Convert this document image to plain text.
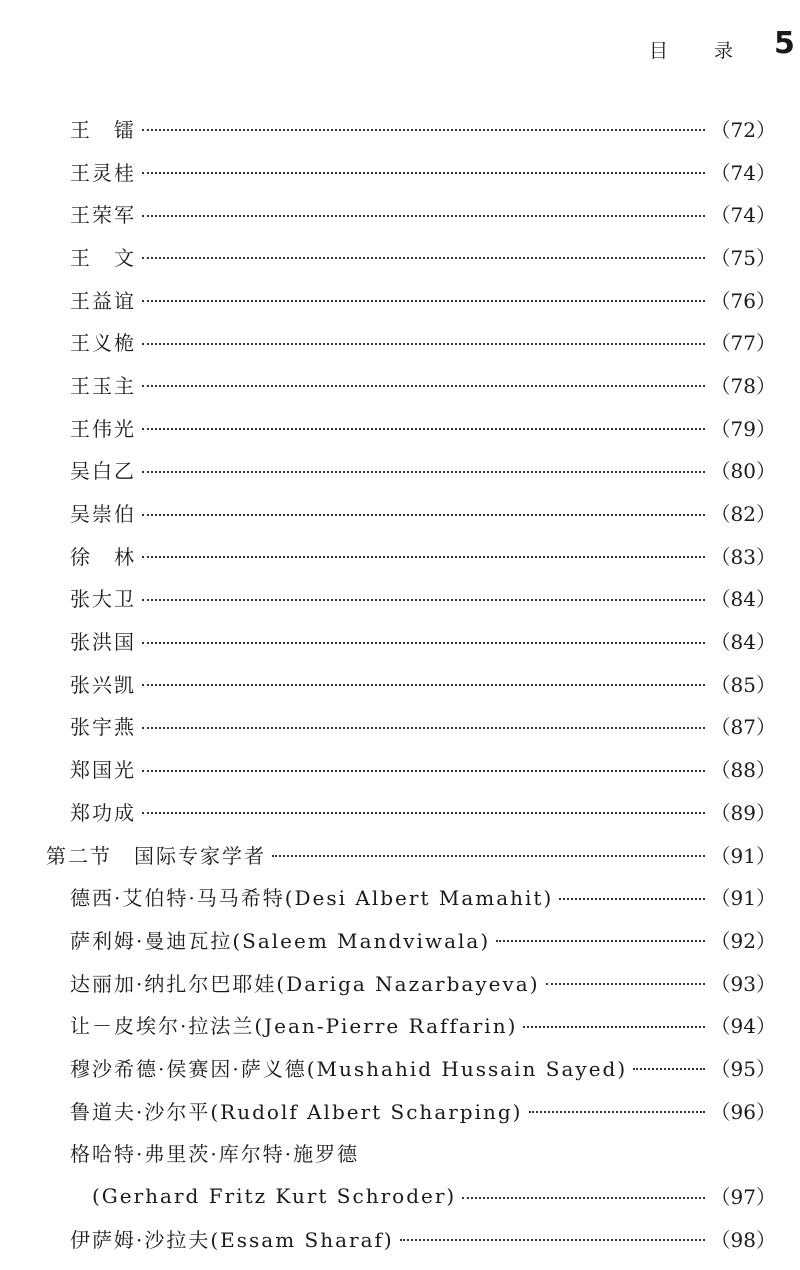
目 录 5
王　镭	（72）
王灵桂	（74）
王荣军	（74）
王　文	（75）
王益谊	（76）
王义桅	（77）
王玉主	（78）
王伟光	（79）
吴白乙	（80）
吴崇伯	（82）
徐　林	（83）
张大卫	（84）
张洪国	（84）
张兴凯	（85）
张宇燕	（87）
郑国光	（88）
郑功成	（89）
第二节　国际专家学者	（91）
德西·艾伯特·马马希特(Desi Albert Mamahit)	（91）
萨利姆·曼迪瓦拉(Saleem Mandviwala)	（92）
达丽加·纳扎尔巴耶娃(Dariga Nazarbayeva)	（93）
让－皮埃尔·拉法兰(Jean-Pierre Raffarin)	（94）
穆沙希德·侯赛因·萨义德(Mushahid Hussain Sayed)	（95）
鲁道夫·沙尔平(Rudolf Albert Scharping)	（96）
格哈特·弗里茨·库尔特·施罗德
(Gerhard Fritz Kurt Schroder)	（97）
伊萨姆·沙拉夫(Essam Sharaf)	（98）
